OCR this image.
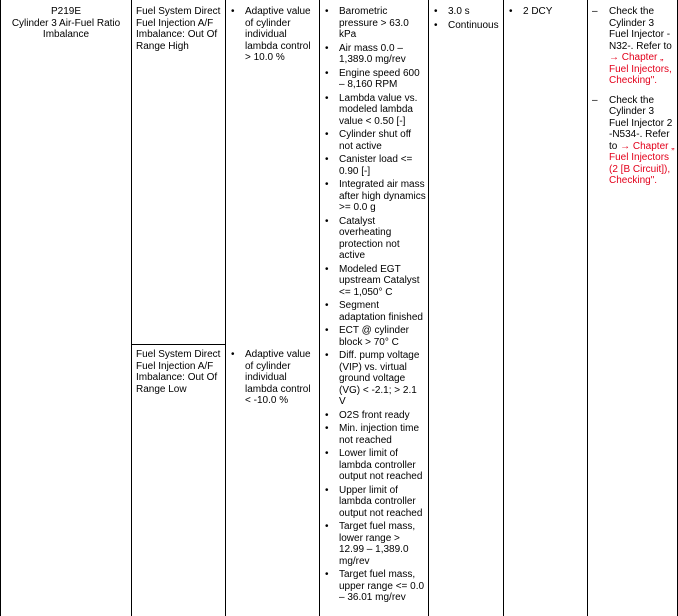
P219E
Cylinder 3 Air-Fuel Ratio Imbalance
Fuel System Direct Fuel Injection A/F Imbalance: Out Of Range High
Fuel System Direct Fuel Injection A/F Imbalance: Out Of Range Low
• Adaptive value of cylinder individual lambda control > 10.0 %
• Adaptive value of cylinder individual lambda control < -10.0 %
• Barometric pressure > 63.0 kPa
• Air mass 0.0 – 1,389.0 mg/rev
• Engine speed 600 – 8,160 RPM
• Lambda value vs. modeled lambda value < 0.50 [-]
• Cylinder shut off not active
• Canister load <= 0.90 [-]
• Integrated air mass after high dynamics >= 0.0 g
• Catalyst overheating protection not active
• Modeled EGT upstream Catalyst <= 1,050° C
• Segment adaptation finished
• ECT @ cylinder block > 70° C
• Diff. pump voltage (VIP) vs. virtual ground voltage (VG) < -2.1; > 2.1 V
• O2S front ready
• Min. injection time not reached
• Lower limit of lambda controller output not reached
• Upper limit of lambda controller output not reached
• Target fuel mass, lower range > 12.99 – 1,389.0 mg/rev
• Target fuel mass, upper range <= 0.0 – 36.01 mg/rev
• 3.0 s
• Continuous
• 2 DCY	– Check the Cylinder 3 Fuel Injector -N32-. Refer to → Chapter „ Fuel Injectors, Checking".
– Check the Cylinder 3 Fuel Injector 2 -N534-. Refer to → Chapter „ Fuel Injectors (2 [B Circuit]), Checking".
